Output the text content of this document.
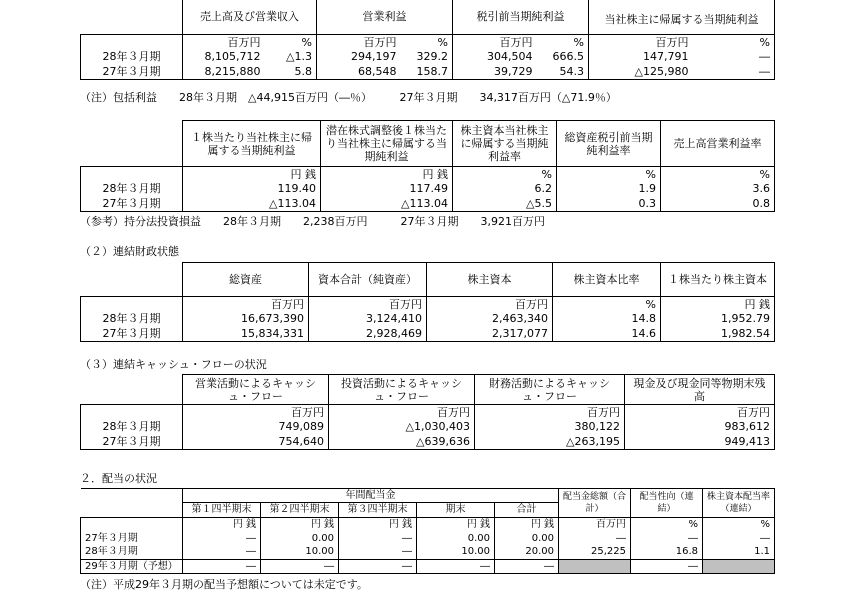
	売上高及び営業収入		営業利益		税引前当期純利益		当社株主に帰属する当期純利益	
	百万円	%	百万円	%	百万円	%	百万円	%
28年３月期	8,105,712	△1.3	294,197	329.2	304,504	666.5	147,791	―
27年３月期	8,215,880	5.8	68,548	158.7	39,729	54.3	△125,980	―
（注）包括利益　　28年３月期　△44,915百万円（―％）　　　27年３月期　　34,317百万円（△71.9％）
	１株当たり当社株主に帰属する当期純利益	潜在株式調整後１株当たり当社株主に帰属する当期純利益	株主資本当社株主に帰属する当期純利益率	総資産税引前当期純利益率	売上高営業利益率
	円 銭	円 銭	%	%	%
28年３月期	119.40	117.49	6.2	1.9	3.6
27年３月期	△113.04	△113.04	△5.5	0.3	0.8
（参考）持分法投資損益　　28年３月期　　2,238百万円　　　27年３月期　　3,921百万円
（２）連結財政状態
	総資産	資本合計（純資産）	株主資本	株主資本比率	１株当たり株主資本
	百万円	百万円	百万円	%	円 銭
28年３月期	16,673,390	3,124,410	2,463,340	14.8	1,952.79
27年３月期	15,834,331	2,928,469	2,317,077	14.6	1,982.54
（３）連結キャッシュ・フローの状況
	営業活動によるキャッシュ・フロー	投資活動によるキャッシュ・フロー	財務活動によるキャッシュ・フロー	現金及び現金同等物期末残高
	百万円	百万円	百万円	百万円
28年３月期	749,089	△1,030,403	380,122	983,612
27年３月期	754,640	△639,636	△263,195	949,413
２．配当の状況
	年間配当金					配当金総額（合計）	配当性向（連結）	株主資本配当率（連結）
	第１四半期末	第２四半期末	第３四半期末	期末	合計			
	円 銭	円 銭	円 銭	円 銭	円 銭	百万円	%	%
27年３月期	―	0.00	―	0.00	0.00	―	―	―
28年３月期	―	10.00	―	10.00	20.00	25,225	16.8	1.1
29年３月期（予想）	―	―	―	―	―		―	
（注）平成29年３月期の配当予想額については未定です。
